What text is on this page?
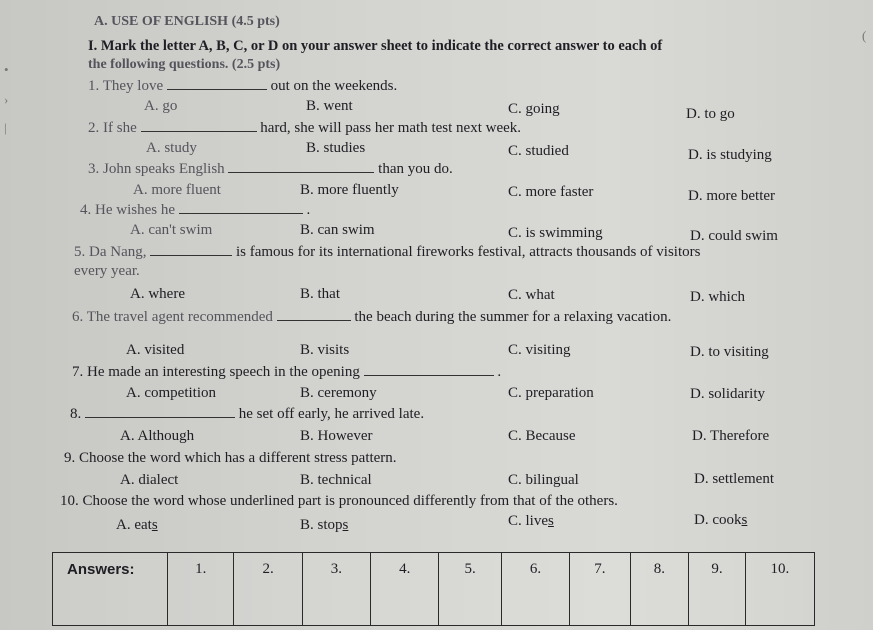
•
›
|
(
A. USE OF ENGLISH (4.5 pts)
I. Mark the letter A, B, C, or D on your answer sheet to indicate the correct answer to each of
the following questions. (2.5 pts)
1. They love	out on the weekends.
A. go	B. went	C. going	D. to go
2. If she	hard, she will pass her math test next week.
A. study	B. studies	C. studied	D. is studying
3. John speaks English	than you do.
A. more fluent	B. more fluently	C. more faster	D. more better
4. He wishes he	.
A. can't swim	B. can swim	C. is swimming	D. could swim
5. Da Nang,	is famous for its international fireworks festival, attracts thousands of visitors
every year.
A. where	B. that	C. what	D. which
6. The travel agent recommended	the beach during the summer for a relaxing vacation.
A. visited	B. visits	C. visiting	D. to visiting
7. He made an interesting speech in the opening	.
A. competition	B. ceremony	C. preparation	D. solidarity
8.	he set off early, he arrived late.
A. Although	B. However	C. Because	D. Therefore
9. Choose the word which has a different stress pattern.
A. dialect	B. technical	C. bilingual	D. settlement
10. Choose the word whose underlined part is pronounced differently from that of the others.
A. eats	B. stops	C. lives	D. cooks
Answers:	1.	2.	3.	4.	5.	6.	7.	8.	9.	10.
